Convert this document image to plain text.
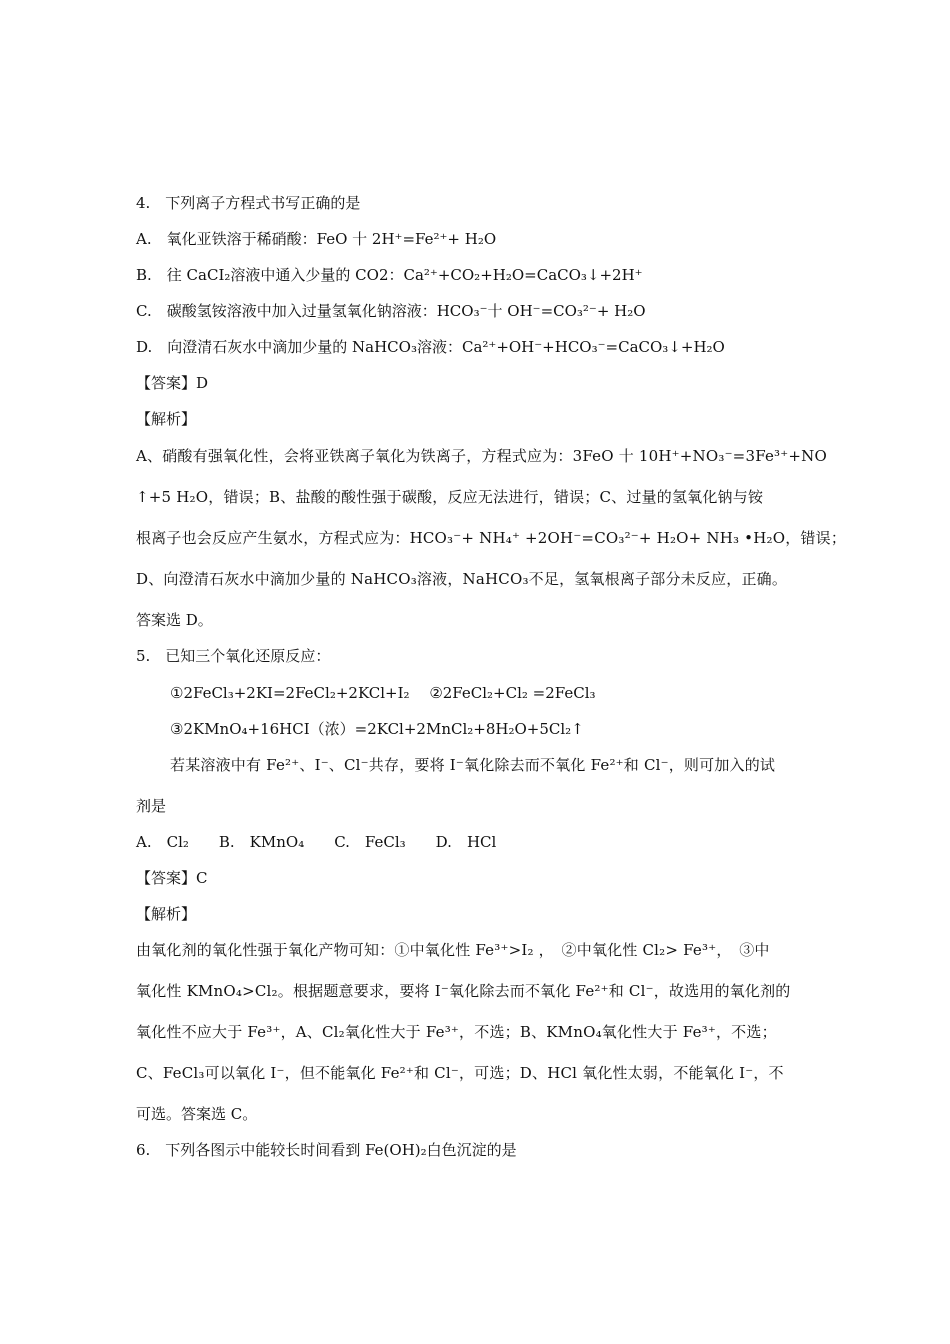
4.　下列离子方程式书写正确的是
A.　氧化亚铁溶于稀硝酸：FeO 十 2H⁺=Fe²⁺+ H₂O
B.　往 CaCI₂溶液中通入少量的 CO2：Ca²⁺+CO₂+H₂O=CaCO₃↓+2H⁺
C.　碳酸氢铵溶液中加入过量氢氧化钠溶液：HCO₃⁻十 OH⁻=CO₃²⁻+ H₂O
D.　向澄清石灰水中滴加少量的 NaHCO₃溶液：Ca²⁺+OH⁻+HCO₃⁻=CaCO₃↓+H₂O
【答案】D
【解析】
A、硝酸有强氧化性，会将亚铁离子氧化为铁离子，方程式应为：3FeO 十 10H⁺+NO₃⁻=3Fe³⁺+NO
↑+5 H₂O，错误；B、盐酸的酸性强于碳酸，反应无法进行，错误；C、过量的氢氧化钠与铵
根离子也会反应产生氨水，方程式应为：HCO₃⁻+ NH₄⁺ +2OH⁻=CO₃²⁻+ H₂O+ NH₃ •H₂O，错误；
D、向澄清石灰水中滴加少量的 NaHCO₃溶液，NaHCO₃不足，氢氧根离子部分未反应，正确。
答案选 D。
5.　已知三个氧化还原反应：
①2FeCl₃+2KI=2FeCl₂+2KCl+I₂　 ②2FeCl₂+Cl₂ =2FeCl₃
③2KMnO₄+16HCI（浓）=2KCl+2MnCl₂+8H₂O+5Cl₂↑
若某溶液中有 Fe²⁺、I⁻、Cl⁻共存，要将 I⁻氧化除去而不氧化 Fe²⁺和 Cl⁻，则可加入的试
剂是
A.　Cl₂　　B.　KMnO₄　　C.　FeCl₃　　D.　HCl
【答案】C
【解析】
由氧化剂的氧化性强于氧化产物可知：①中氧化性 Fe³⁺>I₂ ，　②中氧化性 Cl₂> Fe³⁺，　③中
氧化性 KMnO₄>Cl₂。根据题意要求，要将 I⁻氧化除去而不氧化 Fe²⁺和 Cl⁻，故选用的氧化剂的
氧化性不应大于 Fe³⁺，A、Cl₂氧化性大于 Fe³⁺，不选；B、KMnO₄氧化性大于 Fe³⁺，不选；
C、FeCl₃可以氧化 I⁻，但不能氧化 Fe²⁺和 Cl⁻，可选；D、HCl 氧化性太弱，不能氧化 I⁻，不
可选。答案选 C。
6.　下列各图示中能较长时间看到 Fe(OH)₂白色沉淀的是
